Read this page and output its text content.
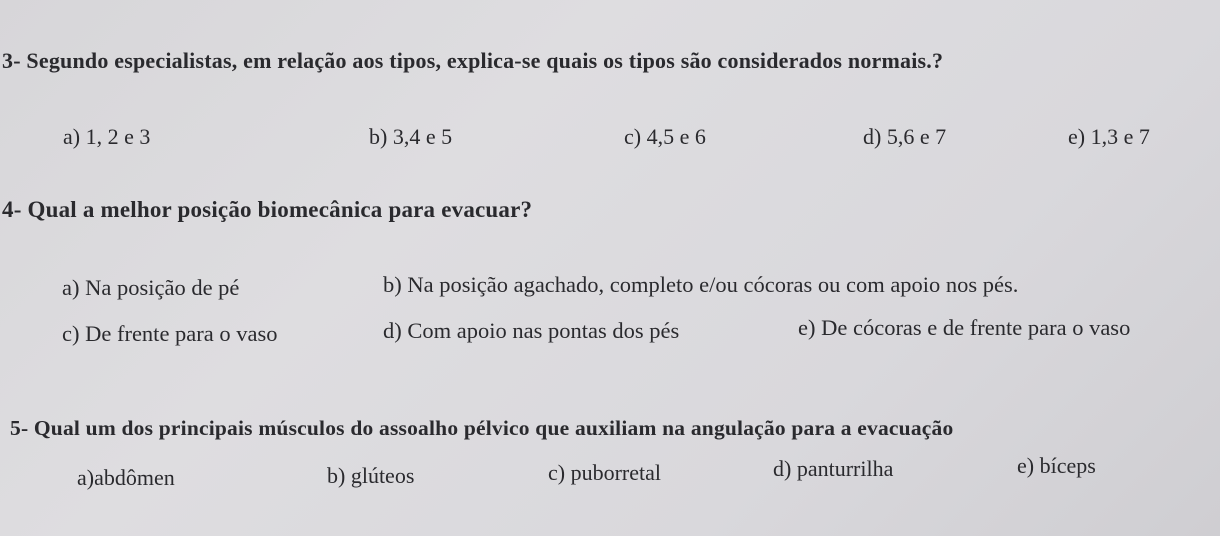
3- Segundo especialistas, em relação aos tipos, explica-se quais os tipos são considerados normais.?
a) 1, 2 e 3	b) 3,4 e 5	c) 4,5 e 6	d) 5,6 e 7	e) 1,3 e 7
4- Qual a melhor posição biomecânica para evacuar?
a) Na posição de pé	b) Na posição agachado, completo e/ou cócoras ou com apoio nos pés.
c) De frente para o vaso	d) Com apoio nas pontas dos pés	e) De cócoras e de frente para o vaso
5- Qual um dos principais músculos do assoalho pélvico que auxiliam na angulação para a evacuação
a)abdômen	b) glúteos	c) puborretal	d) panturrilha	e) bíceps
